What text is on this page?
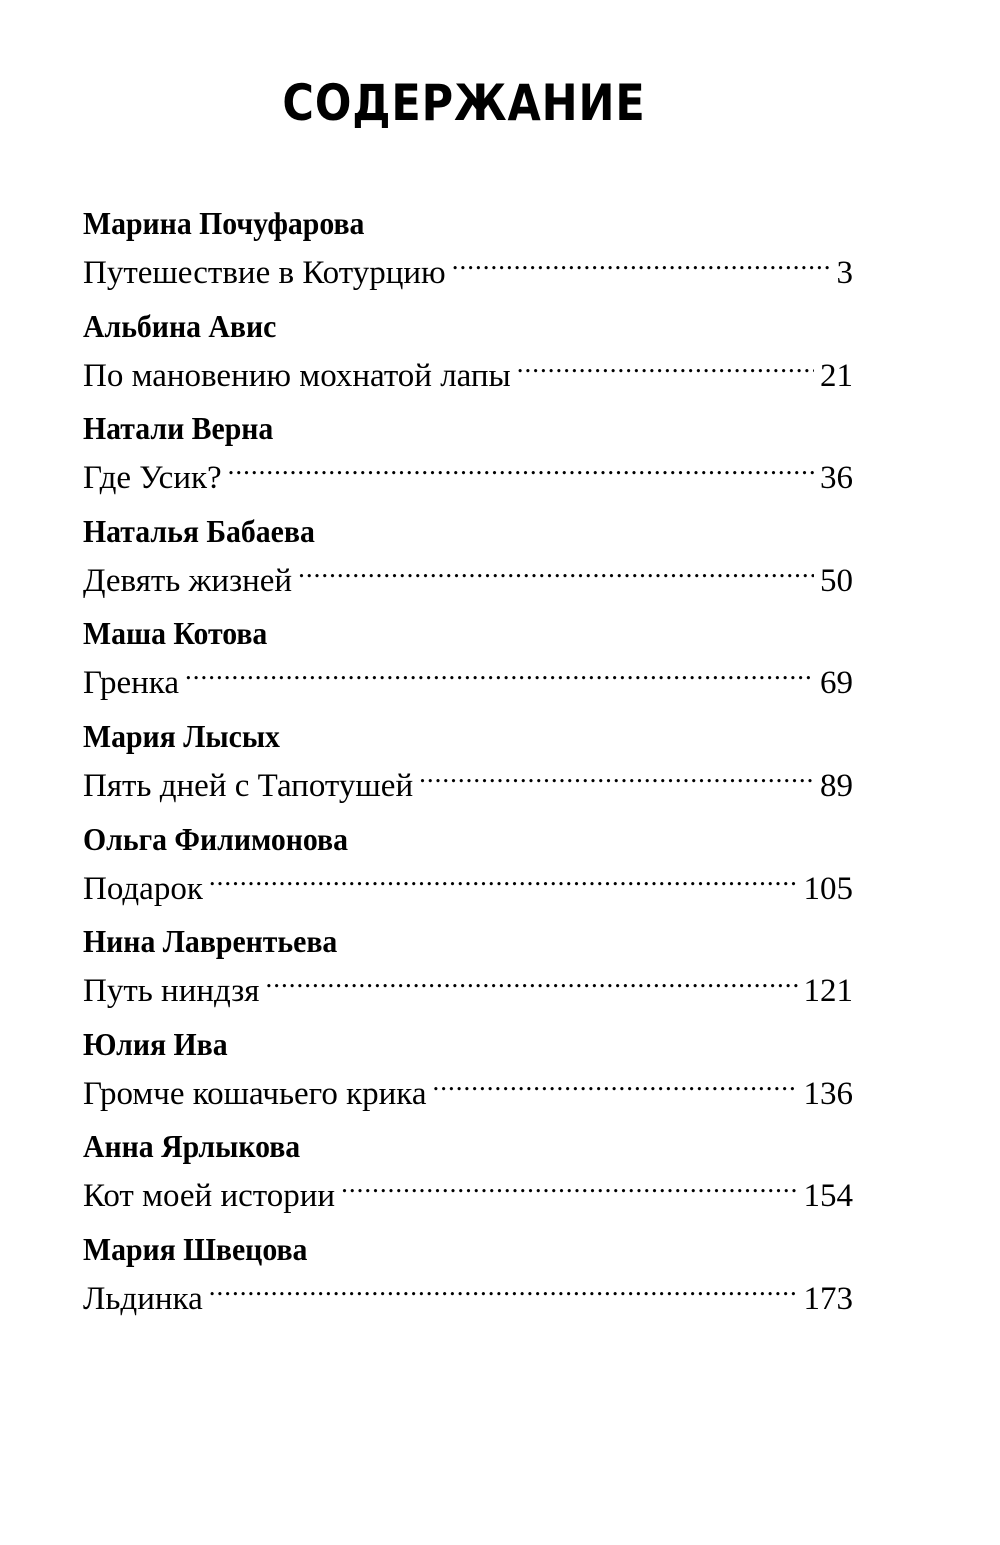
СОДЕРЖАНИЕ
Марина Почуфарова
Путешествие в Котурцию .....	3
Альбина Авис
По мановению мохнатой лапы .....	21
Натали Верна
Где Усик? .....	36
Наталья Бабаева
Девять жизней .....	50
Маша Котова
Гренка .....	69
Мария Лысых
Пять дней с Тапотушей .....	89
Ольга Филимонова
Подарок .....	105
Нина Лаврентьева
Путь ниндзя .....	121
Юлия Ива
Громче кошачьего крика .....	136
Анна Ярлыкова
Кот моей истории .....	154
Мария Швецова
Льдинка .....	173
